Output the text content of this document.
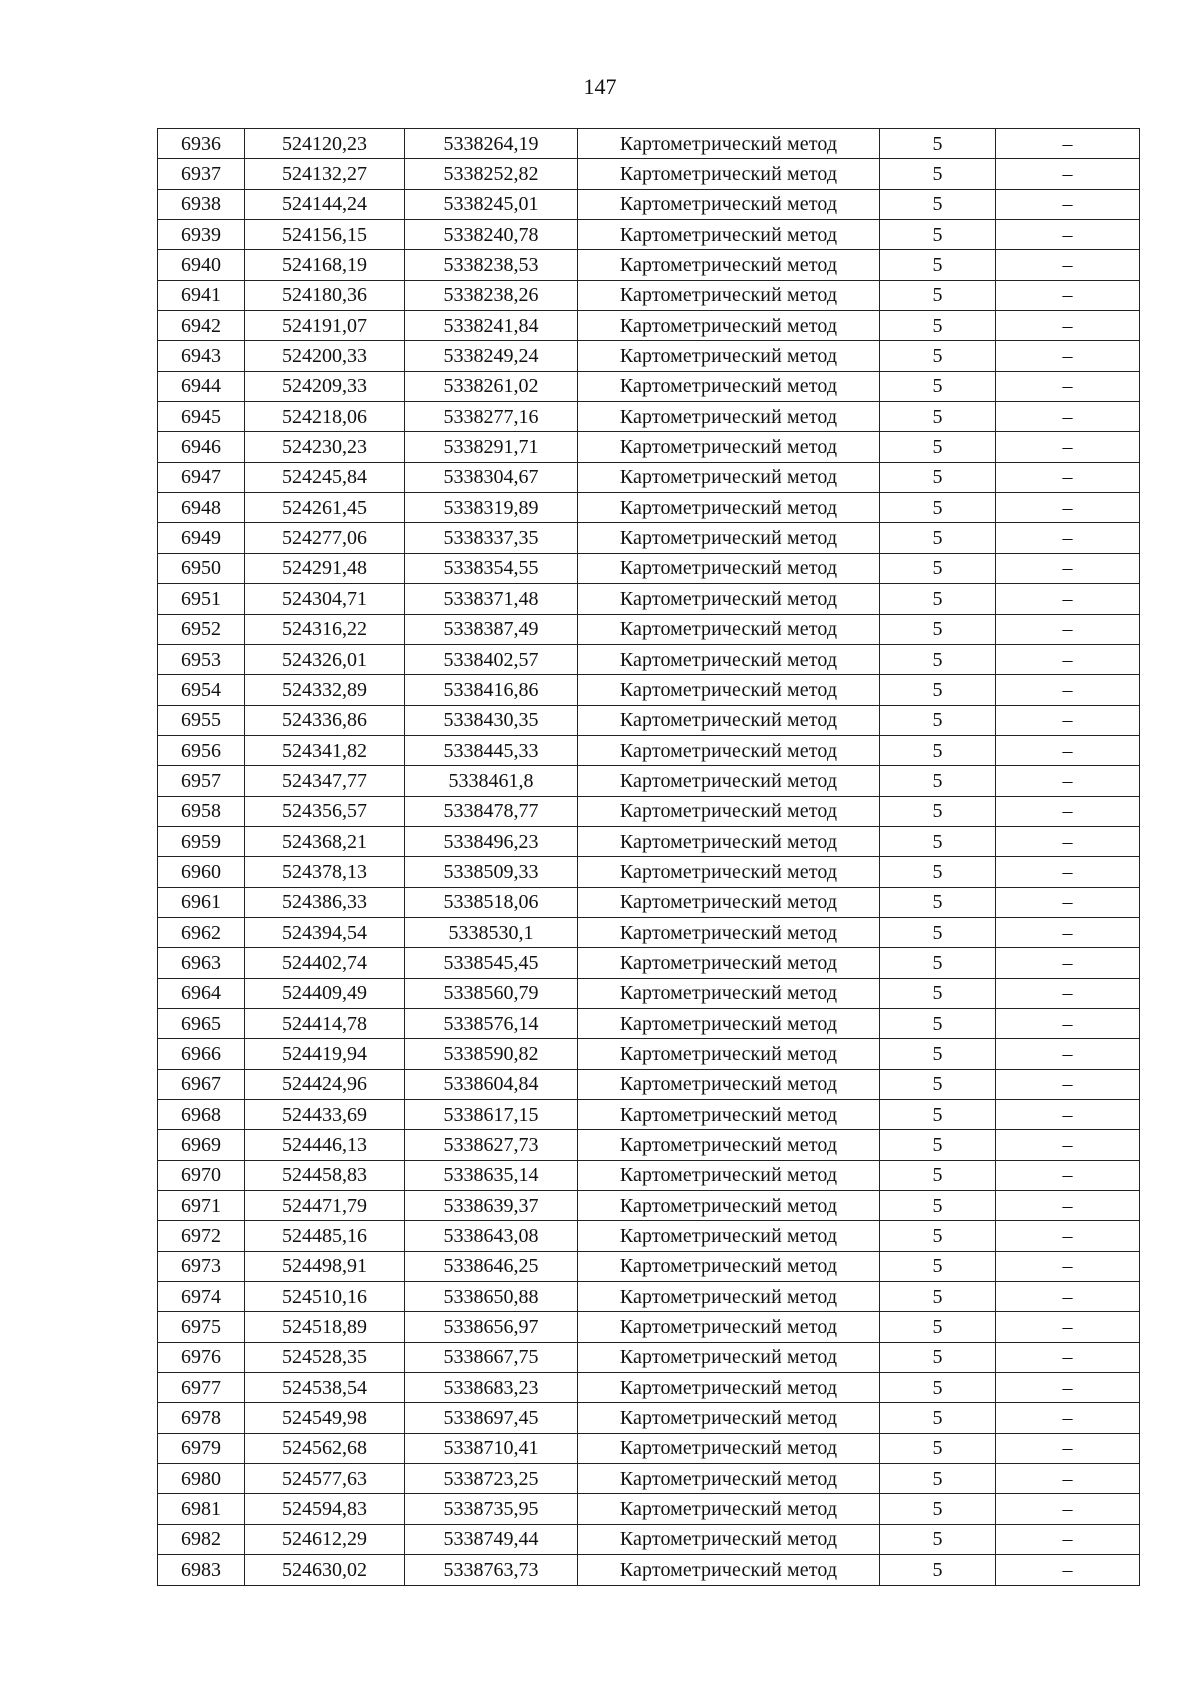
147
6936	524120,23	5338264,19	Картометрический метод	5	–
6937	524132,27	5338252,82	Картометрический метод	5	–
6938	524144,24	5338245,01	Картометрический метод	5	–
6939	524156,15	5338240,78	Картометрический метод	5	–
6940	524168,19	5338238,53	Картометрический метод	5	–
6941	524180,36	5338238,26	Картометрический метод	5	–
6942	524191,07	5338241,84	Картометрический метод	5	–
6943	524200,33	5338249,24	Картометрический метод	5	–
6944	524209,33	5338261,02	Картометрический метод	5	–
6945	524218,06	5338277,16	Картометрический метод	5	–
6946	524230,23	5338291,71	Картометрический метод	5	–
6947	524245,84	5338304,67	Картометрический метод	5	–
6948	524261,45	5338319,89	Картометрический метод	5	–
6949	524277,06	5338337,35	Картометрический метод	5	–
6950	524291,48	5338354,55	Картометрический метод	5	–
6951	524304,71	5338371,48	Картометрический метод	5	–
6952	524316,22	5338387,49	Картометрический метод	5	–
6953	524326,01	5338402,57	Картометрический метод	5	–
6954	524332,89	5338416,86	Картометрический метод	5	–
6955	524336,86	5338430,35	Картометрический метод	5	–
6956	524341,82	5338445,33	Картометрический метод	5	–
6957	524347,77	5338461,8	Картометрический метод	5	–
6958	524356,57	5338478,77	Картометрический метод	5	–
6959	524368,21	5338496,23	Картометрический метод	5	–
6960	524378,13	5338509,33	Картометрический метод	5	–
6961	524386,33	5338518,06	Картометрический метод	5	–
6962	524394,54	5338530,1	Картометрический метод	5	–
6963	524402,74	5338545,45	Картометрический метод	5	–
6964	524409,49	5338560,79	Картометрический метод	5	–
6965	524414,78	5338576,14	Картометрический метод	5	–
6966	524419,94	5338590,82	Картометрический метод	5	–
6967	524424,96	5338604,84	Картометрический метод	5	–
6968	524433,69	5338617,15	Картометрический метод	5	–
6969	524446,13	5338627,73	Картометрический метод	5	–
6970	524458,83	5338635,14	Картометрический метод	5	–
6971	524471,79	5338639,37	Картометрический метод	5	–
6972	524485,16	5338643,08	Картометрический метод	5	–
6973	524498,91	5338646,25	Картометрический метод	5	–
6974	524510,16	5338650,88	Картометрический метод	5	–
6975	524518,89	5338656,97	Картометрический метод	5	–
6976	524528,35	5338667,75	Картометрический метод	5	–
6977	524538,54	5338683,23	Картометрический метод	5	–
6978	524549,98	5338697,45	Картометрический метод	5	–
6979	524562,68	5338710,41	Картометрический метод	5	–
6980	524577,63	5338723,25	Картометрический метод	5	–
6981	524594,83	5338735,95	Картометрический метод	5	–
6982	524612,29	5338749,44	Картометрический метод	5	–
6983	524630,02	5338763,73	Картометрический метод	5	–
